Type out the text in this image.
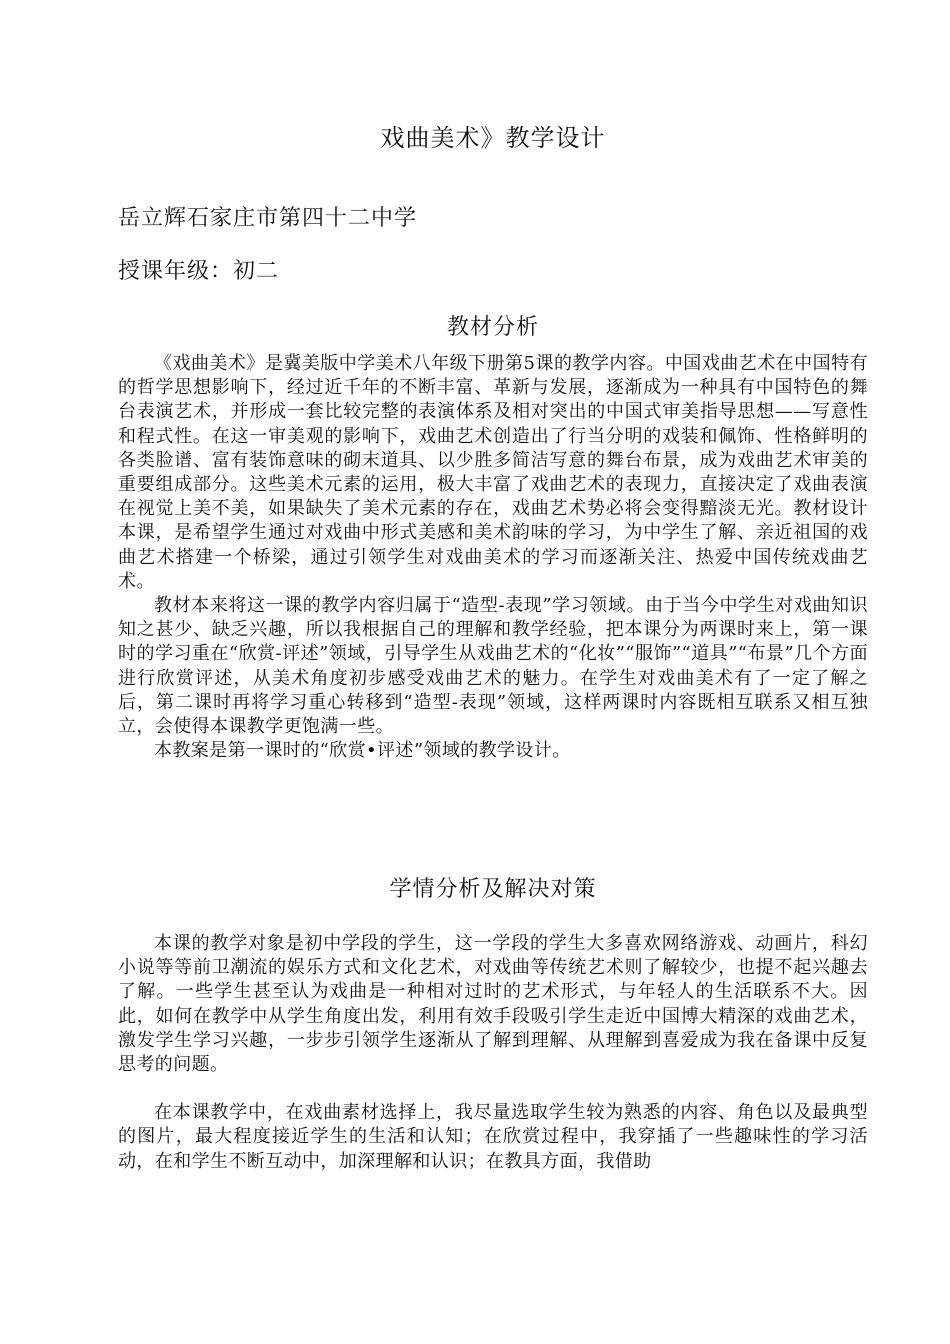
戏曲美术》教学设计
岳立辉石家庄市第四十二中学
授课年级：初二
教材分析

《戏曲美术》是冀美版中学美术八年级下册第5课的教学内容。中国戏曲艺术在中国特有的哲学思想影响下，经过近千年的不断丰富、革新与发展，逐渐成为一种具有中国特色的舞台表演艺术，并形成一套比较完整的表演体系及相对突出的中国式审美指导思想——写意性和程式性。在这一审美观的影响下，戏曲艺术创造出了行当分明的戏装和佩饰、性格鲜明的各类脸谱、富有装饰意味的砌末道具、以少胜多简洁写意的舞台布景，成为戏曲艺术审美的重要组成部分。这些美术元素的运用，极大丰富了戏曲艺术的表现力，直接决定了戏曲表演在视觉上美不美，如果缺失了美术元素的存在，戏曲艺术势必将会变得黯淡无光。教材设计本课，是希望学生通过对戏曲中形式美感和美术韵味的学习，为中学生了解、亲近祖国的戏曲艺术搭建一个桥梁，通过引领学生对戏曲美术的学习而逐渐关注、热爱中国传统戏曲艺术。

教材本来将这一课的教学内容归属于“造型-表现”学习领域。由于当今中学生对戏曲知识知之甚少、缺乏兴趣，所以我根据自己的理解和教学经验，把本课分为两课时来上，第一课时的学习重在“欣赏-评述”领域，引导学生从戏曲艺术的“化妆”“服饰”“道具”“布景”几个方面进行欣赏评述，从美术角度初步感受戏曲艺术的魅力。在学生对戏曲美术有了一定了解之后，第二课时再将学习重心转移到“造型-表现”领域，这样两课时内容既相互联系又相互独立，会使得本课教学更饱满一些。

本教案是第一课时的“欣赏•评述”领域的教学设计。

学情分析及解决对策

本课的教学对象是初中学段的学生，这一学段的学生大多喜欢网络游戏、动画片，科幻小说等等前卫潮流的娱乐方式和文化艺术，对戏曲等传统艺术则了解较少，也提不起兴趣去了解。一些学生甚至认为戏曲是一种相对过时的艺术形式，与年轻人的生活联系不大。因此，如何在教学中从学生角度出发，利用有效手段吸引学生走近中国博大精深的戏曲艺术，激发学生学习兴趣，一步步引领学生逐渐从了解到理解、从理解到喜爱成为我在备课中反复思考的问题。

在本课教学中，在戏曲素材选择上，我尽量选取学生较为熟悉的内容、角色以及最典型的图片，最大程度接近学生的生活和认知；在欣赏过程中，我穿插了一些趣味性的学习活动，在和学生不断互动中，加深理解和认识；在教具方面，我借助
